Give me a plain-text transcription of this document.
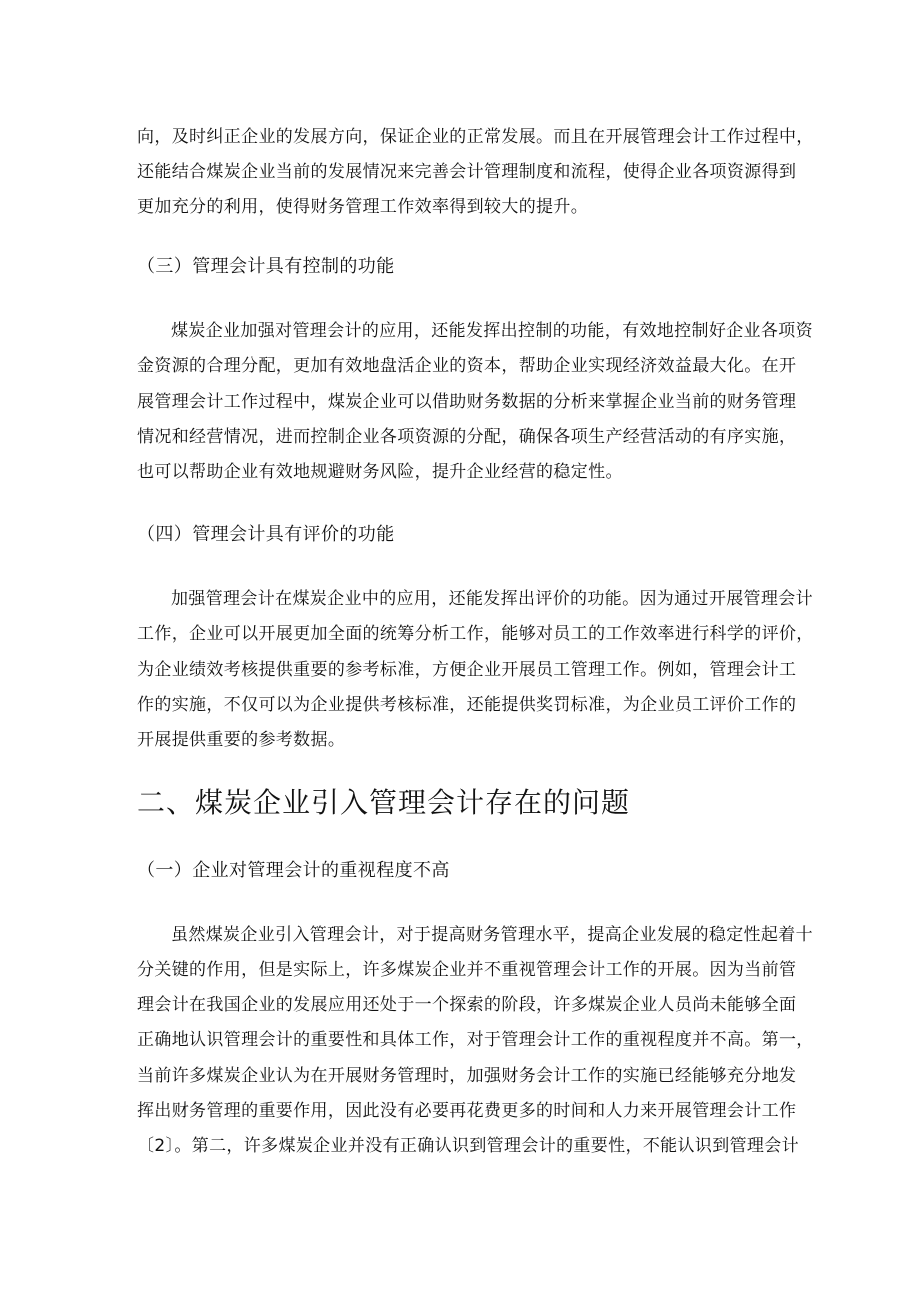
向，及时纠正企业的发展方向，保证企业的正常发展。而且在开展管理会计工作过程中，
还能结合煤炭企业当前的发展情况来完善会计管理制度和流程，使得企业各项资源得到
更加充分的利用，使得财务管理工作效率得到较大的提升。
（三）管理会计具有控制的功能
煤炭企业加强对管理会计的应用，还能发挥出控制的功能，有效地控制好企业各项资
金资源的合理分配，更加有效地盘活企业的资本，帮助企业实现经济效益最大化。在开
展管理会计工作过程中，煤炭企业可以借助财务数据的分析来掌握企业当前的财务管理
情况和经营情况，进而控制企业各项资源的分配，确保各项生产经营活动的有序实施，
也可以帮助企业有效地规避财务风险，提升企业经营的稳定性。
（四）管理会计具有评价的功能
加强管理会计在煤炭企业中的应用，还能发挥出评价的功能。因为通过开展管理会计
工作，企业可以开展更加全面的统筹分析工作，能够对员工的工作效率进行科学的评价，
为企业绩效考核提供重要的参考标准，方便企业开展员工管理工作。例如，管理会计工
作的实施，不仅可以为企业提供考核标准，还能提供奖罚标准，为企业员工评价工作的
开展提供重要的参考数据。
二、煤炭企业引入管理会计存在的问题
（一）企业对管理会计的重视程度不高
虽然煤炭企业引入管理会计，对于提高财务管理水平，提高企业发展的稳定性起着十
分关键的作用，但是实际上，许多煤炭企业并不重视管理会计工作的开展。因为当前管
理会计在我国企业的发展应用还处于一个探索的阶段，许多煤炭企业人员尚未能够全面
正确地认识管理会计的重要性和具体工作，对于管理会计工作的重视程度并不高。第一，
当前许多煤炭企业认为在开展财务管理时，加强财务会计工作的实施已经能够充分地发
挥出财务管理的重要作用，因此没有必要再花费更多的时间和人力来开展管理会计工作
〔2〕。第二，许多煤炭企业并没有正确认识到管理会计的重要性，不能认识到管理会计
